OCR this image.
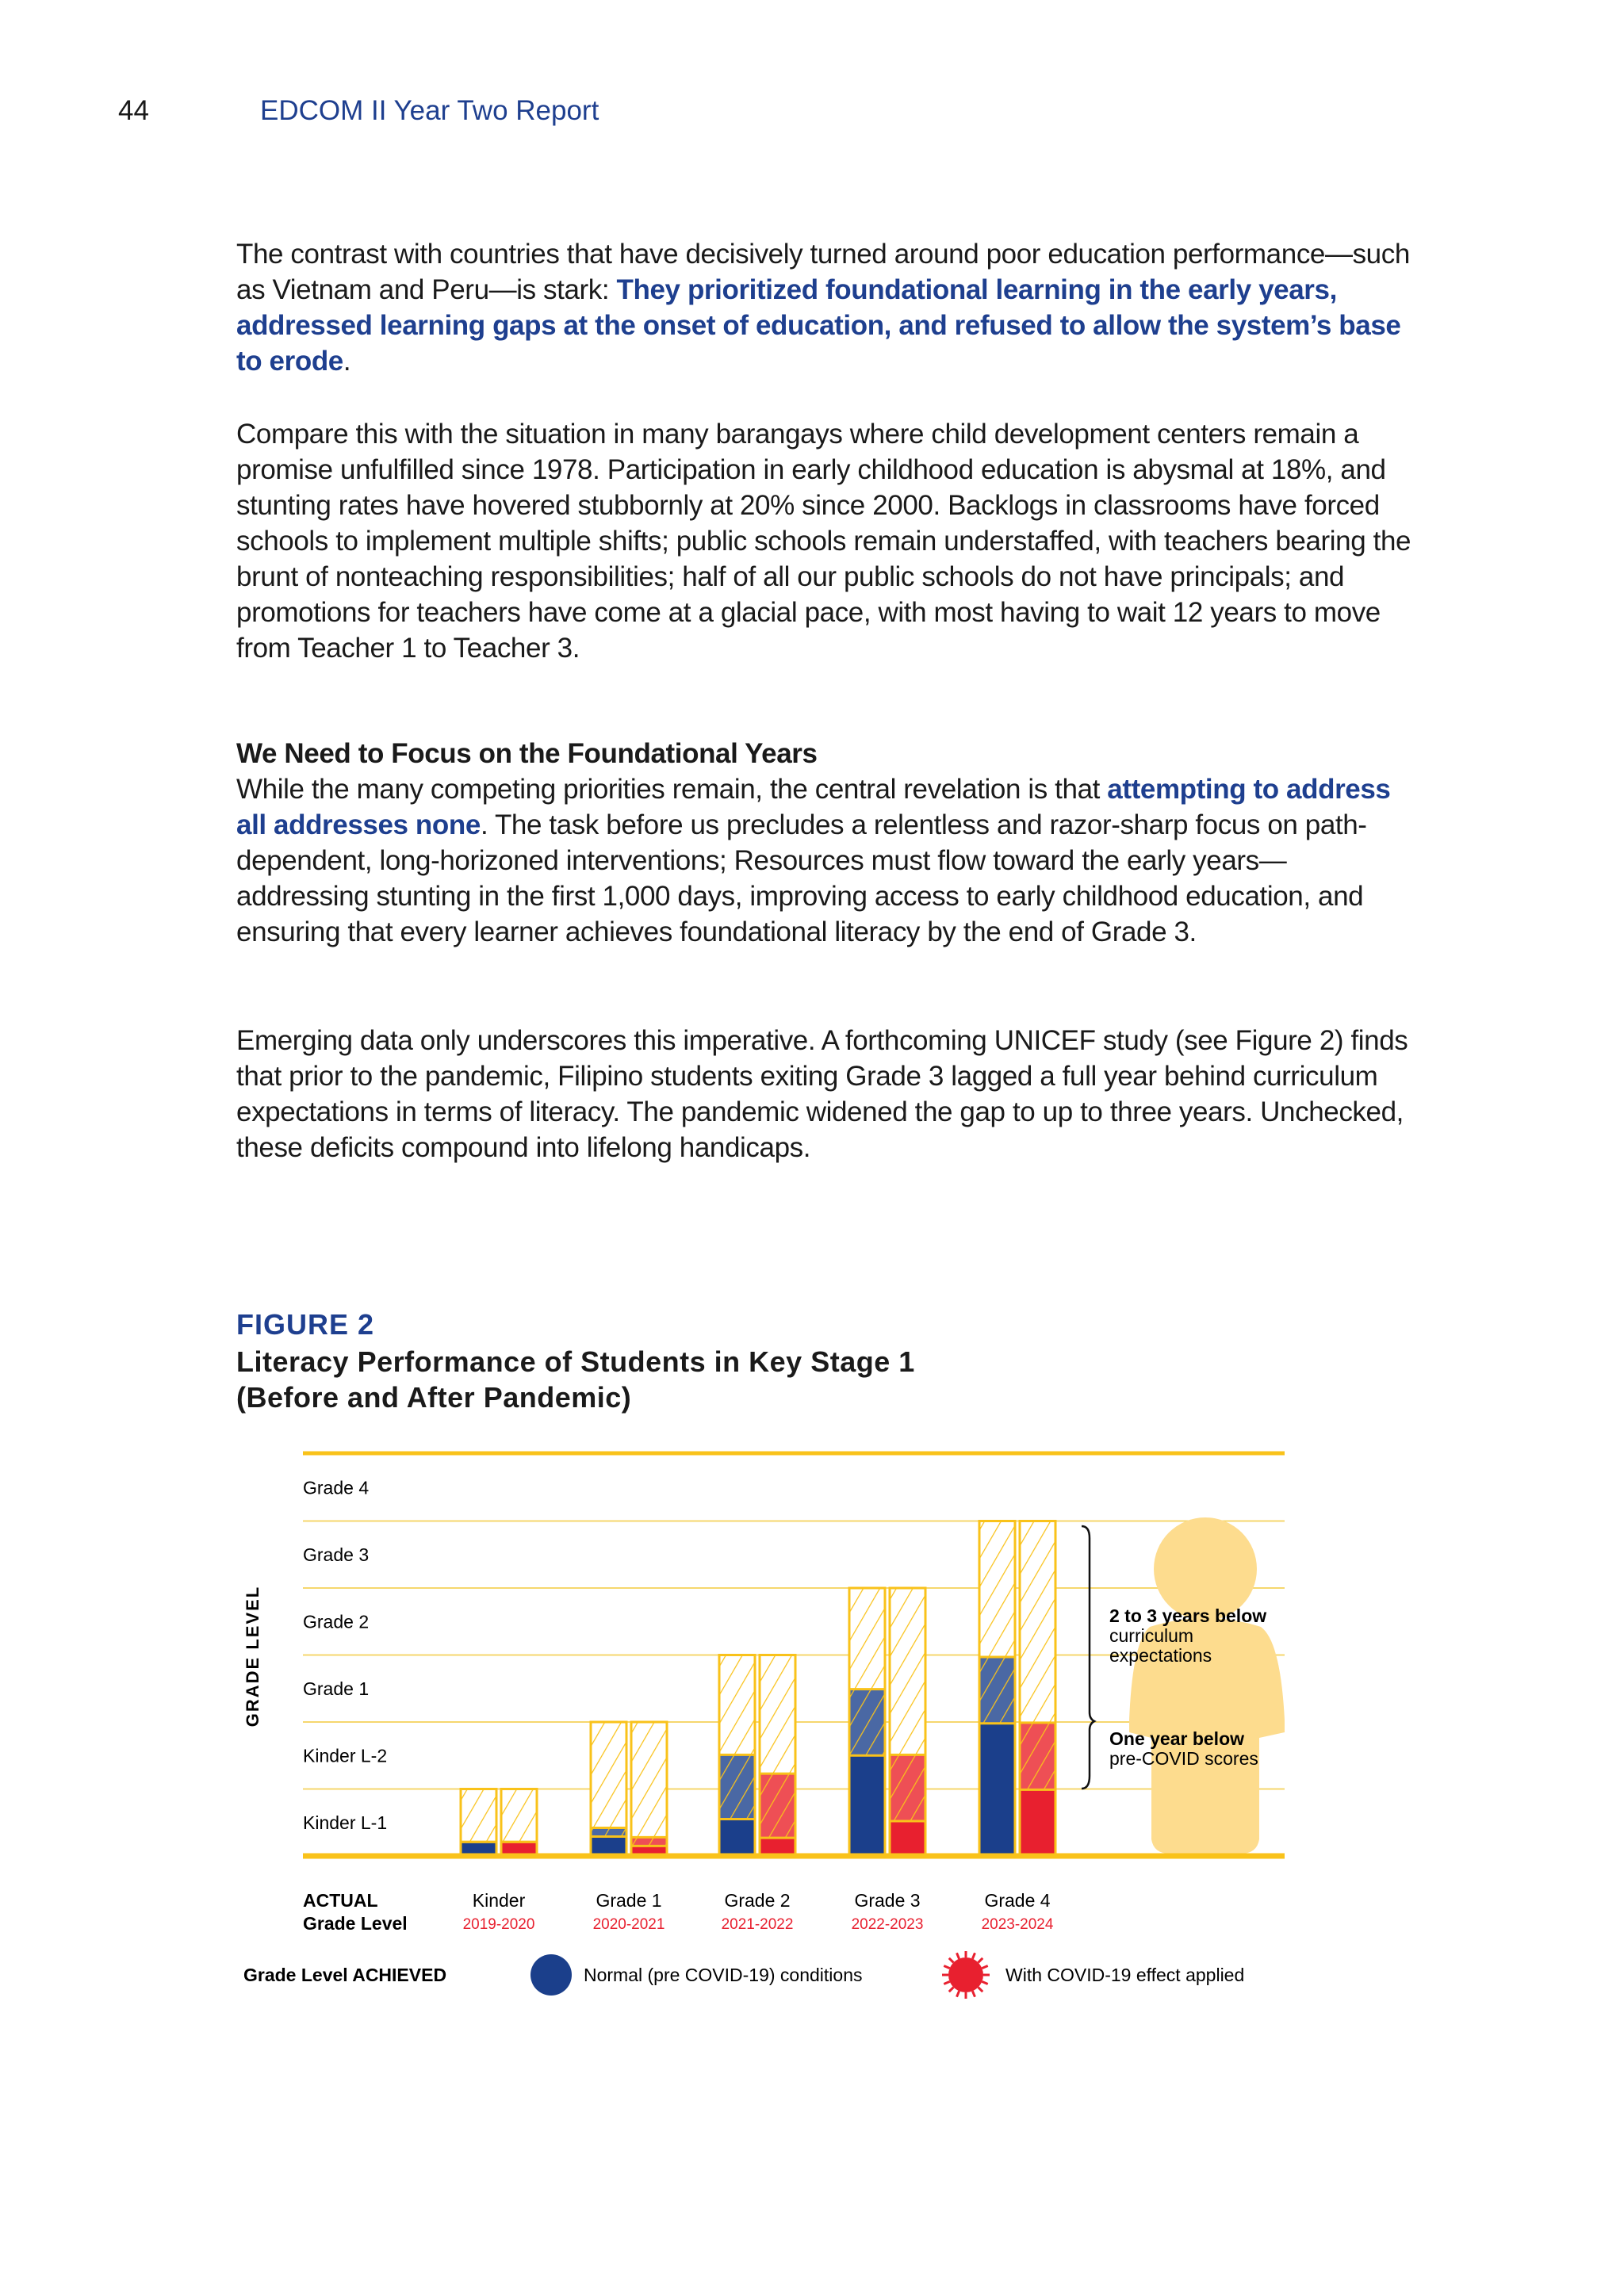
44	EDCOM II Year Two Report

The contrast with countries that have decisively turned around poor education performance—such as Vietnam and Peru—is stark: They prioritized foundational learning in the early years, addressed learning gaps at the onset of education, and refused to allow the system’s base to erode.

Compare this with the situation in many barangays where child development centers remain a promise unfulfilled since 1978. Participation in early childhood education is abysmal at 18%, and stunting rates have hovered stubbornly at 20% since 2000. Backlogs in classrooms have forced schools to implement multiple shifts; public schools remain understaffed, with teachers bearing the brunt of nonteaching responsibilities; half of all our public schools do not have principals; and promotions for teachers have come at a glacial pace, with most having to wait 12 years to move from Teacher 1 to Teacher 3.

We Need to Focus on the Foundational Years
While the many competing priorities remain, the central revelation is that attempting to address all addresses none. The task before us precludes a relentless and razor-sharp focus on path-dependent, long-horizoned interventions; Resources must flow toward the early years—addressing stunting in the first 1,000 days, improving access to early childhood education, and ensuring that every learner achieves foundational literacy by the end of Grade 3.

Emerging data only underscores this imperative. A forthcoming UNICEF study (see Figure 2) finds that prior to the pandemic, Filipino students exiting Grade 3 lagged a full year behind curriculum expectations in terms of literacy. The pandemic widened the gap to up to three years. Unchecked, these deficits compound into lifelong handicaps.

FIGURE 2
Literacy Performance of Students in Key Stage 1
(Before and After Pandemic)
GRADE LEVEL
Kinder L-1
Kinder L-2
Grade 1
Grade 2
Grade 3
Grade 4
2 to 3 years below
curriculum
expectations
One year below
pre-COVID scores
ACTUAL
Grade Level
Kinder
2019-2020
Grade 1
2020-2021
Grade 2
2021-2022
Grade 3
2022-2023
Grade 4
2023-2024
Grade Level ACHIEVED	Normal (pre COVID-19) conditions	With COVID-19 effect applied
